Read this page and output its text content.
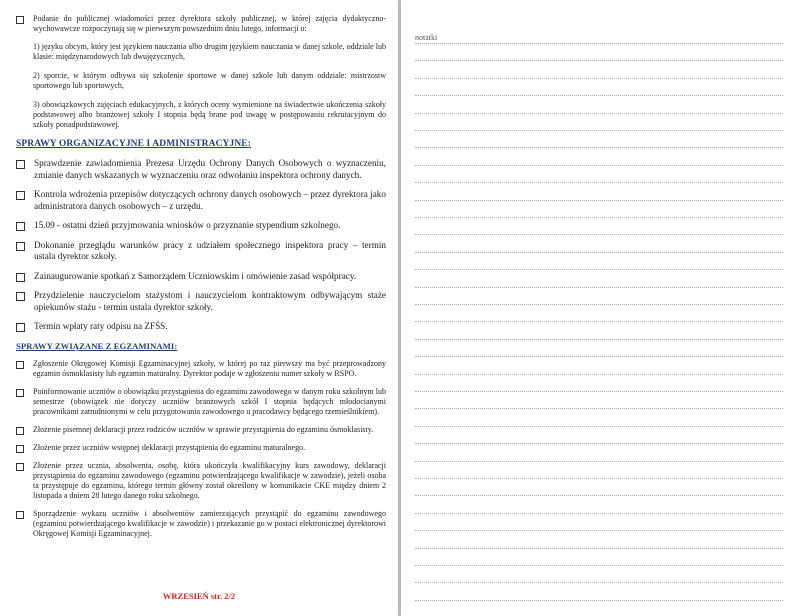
Podanie do publicznej wiadomości przez dyrektora szkoły publicznej, w której zajęcia dydaktyczno-wychowawcze rozpoczynają się w pierwszym powszednim dniu lutego, informacji o:
1) języku obcym, który jest językiem nauczania albo drugim językiem nauczania w danej szkole, oddziale lub klasie: międzynarodowych lub dwujęzycznych,
2) sporcie, w którym odbywa się szkolenie sportowe w danej szkole lub danym oddziale: mistrzostw sportowego lub sportowych,
3) obowiązkowych zajęciach edukacyjnych, z których oceny wymienione na świadectwie ukończenia szkoły podstawowej albo branżowej szkoły I stopnia będą brane pod uwagę w postępowaniu rekrutacyjnym do szkoły ponadpodstawowej.
SPRAWY ORGANIZACYJNE I ADMINISTRACYJNE:
Sprawdzenie zawiadomienia Prezesa Urzędu Ochrony Danych Osobowych o wyznaczeniu, zmianie danych wskazanych w wyznaczeniu oraz odwołaniu inspektora ochrony danych.
Kontrola wdrożenia przepisów dotyczących ochrony danych osobowych – przez dyrektora jako administratora danych osobowych – z urzędu.
15.09 - ostatni dzień przyjmowania wniosków o przyznanie stypendium szkolnego.
Dokonanie przeglądu warunków pracy z udziałem społecznego inspektora pracy – termin ustala dyrektor szkoły.
Zainaugurowanie spotkań z Samorządem Uczniowskim i omówienie zasad współpracy.
Przydzielenie nauczycielom stażystom i nauczycielom kontraktowym odbywającym staże opiekunów stażu - termin ustala dyrektor szkoły.
Termin wpłaty raty odpisu na ZFŚS.
SPRAWY ZWIĄZANE Z EGZAMINAMI:
Zgłoszenie Okręgowej Komisji Egzaminacyjnej szkoły, w której po raz pierwszy ma być przeprowadzony egzamin ósmoklasisty lub egzamin maturalny. Dyrektor podaje w zgłoszeniu numer szkoły w RSPO.
Poinformowanie uczniów o obowiązku przystąpienia do egzaminu zawodowego w danym roku szkolnym lub semestrze (obowiązek nie dotyczy uczniów branżowych szkół I stopnia będących młodocianymi pracownikami zatrudnionymi w celu przygotowania zawodowego u pracodawcy będącego rzemieślnikiem).
Złożenie pisemnej deklaracji przez rodziców uczniów w sprawie przystąpienia do egzaminu ósmoklasisty.
Złożenie przez uczniów wstępnej deklaracji przystąpienia do egzaminu maturalnego.
Złożenie przez ucznia, absolwenta, osobę, która ukończyła kwalifikacyjny kurs zawodowy, deklaracji przystąpienia do egzaminu zawodowego (egzaminu potwierdzającego kwalifikacje w zawodzie), jeżeli osoba ta przystępuje do egzaminu, którego termin główny został określony w komunikacie CKE między dniem 2 listopada a dniem 28 lutego danego roku szkolnego.
Sporządzenie wykazu uczniów i absolwentów zamierzających przystąpić do egzaminu zawodowego (egzaminu potwierdzającego kwalifikacje w zawodzie) i przekazanie go w postaci elektronicznej dyrektorowi Okręgowej Komisji Egzaminacyjnej.
WRZESIEŃ str. 2/2
notatki
